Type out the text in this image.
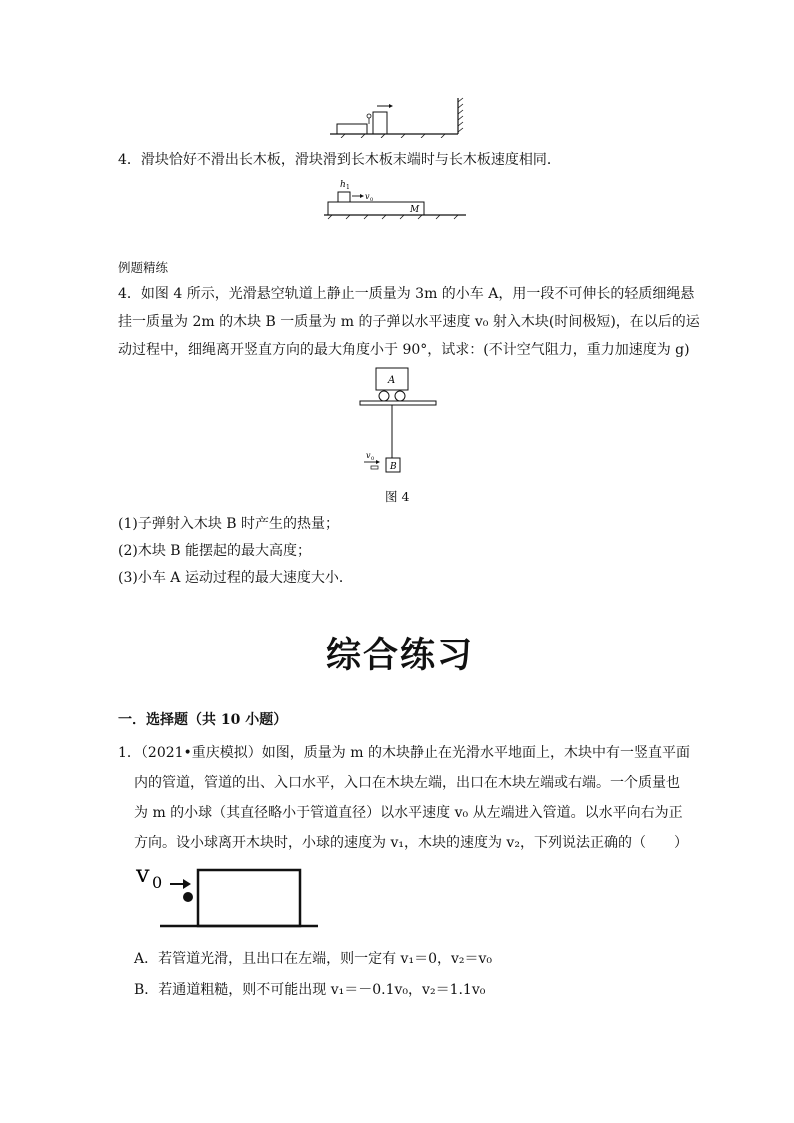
4．滑块恰好不滑出长木板，滑块滑到长木板末端时与长木板速度相同．
h 1
v 0
M
例题精练
4．如图 4 所示，光滑悬空轨道上静止一质量为 3m 的小车 A，用一段不可伸长的轻质细绳悬
挂一质量为 2m 的木块 B 一质量为 m 的子弹以水平速度 v₀ 射入木块(时间极短)，在以后的运
动过程中，细绳离开竖直方向的最大角度小于 90°，试求：(不计空气阻力，重力加速度为 g)
A
B
v 0
图 4
(1)子弹射入木块 B 时产生的热量；
(2)木块 B 能摆起的最大高度；
(3)小车 A 运动过程的最大速度大小．
综合练习
一．选择题（共 10 小题）
1．（2021•重庆模拟）如图，质量为 m 的木块静止在光滑水平地面上，木块中有一竖直平面
内的管道，管道的出、入口水平，入口在木块左端，出口在木块左端或右端。一个质量也
为 m 的小球（其直径略小于管道直径）以水平速度 v₀ 从左端进入管道。以水平向右为正
方向。设小球离开木块时，小球的速度为 v₁，木块的速度为 v₂，下列说法正确的（　　）
v 0
A．若管道光滑，且出口在左端，则一定有 v₁＝0，v₂＝v₀
B．若通道粗糙，则不可能出现 v₁＝－0.1v₀，v₂＝1.1v₀
